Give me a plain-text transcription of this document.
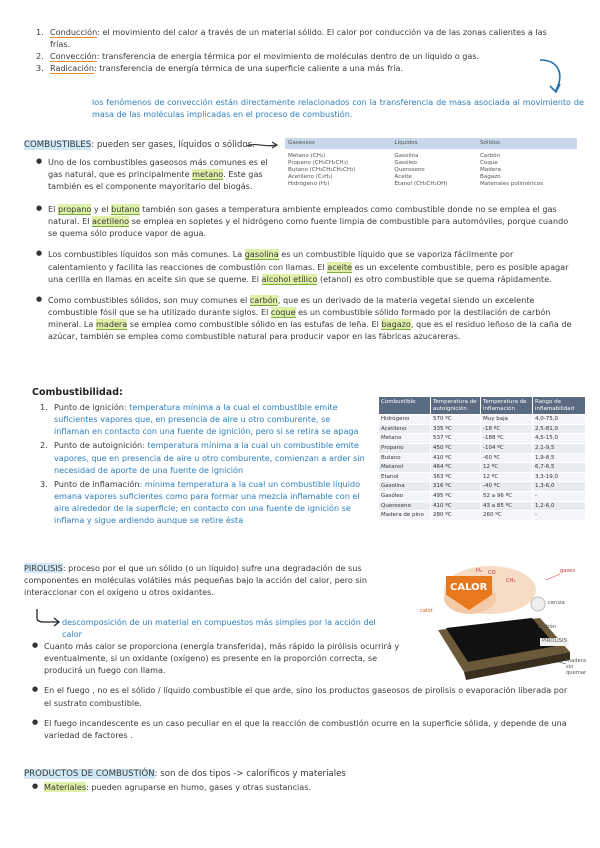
1. Conducción: el movimiento del calor a través de un material sólido. El calor por conducción va de las zonas calientes a las frías.
2. Convección: transferencia de energía térmica por el movimiento de moléculas dentro de un líquido o gas.
3. Radicación: transferencia de energía térmica de una superficie caliente a una más fría.
los fenómenos de convección están directamente relacionados con la transferencia de masa asociada al movimiento de masa de las moléculas implicadas en el proceso de combustión.
COMBUSTIBLES: pueden ser gases, líquidos o sólidos.	Gaseosos	Líquidos	Sólidos

Metano (CH₄)	Gasolina	Carbón
Propano (CH₃CH₂CH₃)	Gasóleo	Coque
Butano (CH₃CH₂CH₂CH₃)	Queroseno	Madera
Acetileno (C₂H₂)	Aceite	Bagazo
Hidrógeno (H₂)	Etanol (CH₃CH₂OH)	Materiales poliméricos
● Uno de los combustibles gaseosos más comunes es el gas natural, que es principalmente metano. Este gas también es el componente mayoritario del biogás.
● El propano y el butano también son gases a temperatura ambiente empleados como combustible donde no se emplea el gas natural. El acetileno se emplea en sopletes y el hidrógeno como fuente limpia de combustible para automóviles, porque cuando se quema sólo produce vapor de agua.
● Los combustibles líquidos son más comunes. La gasolina es un combustible líquido que se vaporiza fácilmente por calentamiento y facilita las reacciones de combustión con llamas. El aceite es un excelente combustible, pero es posible apagar una cerilla en llamas en aceite sin que se queme. El alcohol etílico (etanol) es otro combustible que se quema rápidamente.
● Como combustibles sólidos, son muy comunes el carbón, que es un derivado de la materia vegetal siendo un excelente combustible fósil que se ha utilizado durante siglos. El coque es un combustible sólido formado por la destilación de carbón mineral. La madera se emplea como combustible sólido en las estufas de leña. El bagazo, que es el residuo leñoso de la caña de azúcar, también se emplea como combustible natural para producir vapor en las fábricas azucareras.
Combustibilidad:
1. Punto de ignición: temperatura mínima a la cual el combustible emite suficientes vapores que, en presencia de aire u otro comburente, se inflaman en contacto con una fuente de ignición, pero si se retira se apaga
2. Punto de autoignición: temperatura mínima a la cual un combustible emite vapores, que en presencia de aire u otro comburente, comienzan a arder sin necesidad de aporte de una fuente de ignición
3. Punto de inflamación: mínima temperatura a la cual un combustible líquido emana vapores suficientes como para formar una mezcla inflamable con el aire alrededor de la superficie; en contacto con una fuente de ignición se inflama y sigue ardiendo aunque se retire ésta
Combustible	Temperatura de autoignición	Temperatura de inflamación	Rango de inflamabilidad
Hidrógeno	570 ºC	Muy baja	4,0-75,0
Acetileno	335 ºC	-18 ºC	2,5-81,0
Metano	537 ºC	-188 ºC	4,5-15,0
Propano	450 ºC	-104 ºC	2,1-9,5
Butano	410 ºC	-60 ºC	1,9-8,5
Metanol	464 ºC	12 ºC	6,7-6,5
Etanol	363 ºC	12 ºC	3,3-19,0
Gasolina	316 ºC	-40 ºC	1,3-6,0
Gasóleo	495 ºC	52 a 96 ºC	-
Queroseno	410 ºC	43 a 85 ºC	1,2-6,0
Madera de pino	280 ºC	260 ºC	-
PIROLISIS: proceso por el que un sólido (o un líquido) sufre una degradación de sus componentes en moléculas volátiles más pequeñas bajo la acción del calor, pero sin interaccionar con el oxígeno u otros oxidantes.
descomposición de un material en compuestos más simples por la acción del calor
● Cuanto más calor se proporciona (energía transferida), más rápido la pirólisis ocurrirá y eventualmente, si un oxidante (oxígeno) es presente en la proporción correcta, se producirá un fuego con llama.
● En el fuego , no es el sólido / líquido combustible el que arde, sino los productos gaseosos de pirolisis o evaporación liberada por el sustrato combustible.
● El fuego incandescente es un caso peculiar en el que la reacción de combustión ocurre en la superficie sólida, y depende de una variedad de factores .
CALOR
CO
CH₄
H₂	gases
ceniza
calor
carbón
PIROLISIS
madera sin quemar
PRODUCTOS DE COMBUSTIÓN: son de dos tipos -> caloríficos y materiales
● Materiales: pueden agruparse en humo, gases y otras sustancias.
